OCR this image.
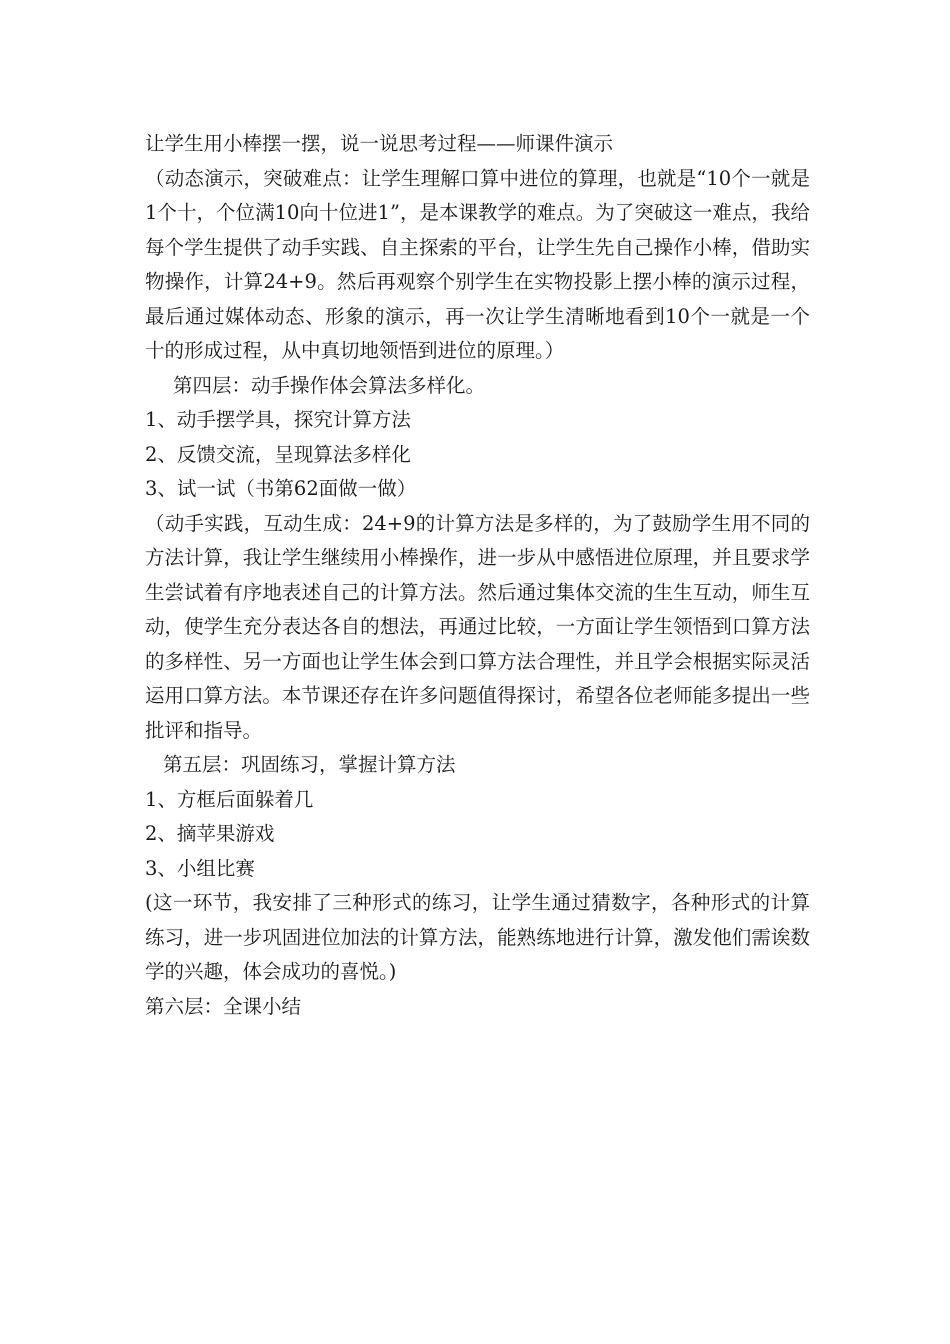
让学生用小棒摆一摆，说一说思考过程——师课件演示

（动态演示，突破难点：让学生理解口算中进位的算理，也就是“10个一就是1个十，个位满10向十位进1”，是本课教学的难点。为了突破这一难点，我给每个学生提供了动手实践、自主探索的平台，让学生先自己操作小棒，借助实物操作，计算24+9。然后再观察个别学生在实物投影上摆小棒的演示过程，最后通过媒体动态、形象的演示，再一次让学生清晰地看到10个一就是一个十的形成过程，从中真切地领悟到进位的原理。）

第四层：动手操作体会算法多样化。

1、动手摆学具，探究计算方法

2、反馈交流，呈现算法多样化

3、试一试（书第62面做一做）

（动手实践，互动生成：24+9的计算方法是多样的，为了鼓励学生用不同的方法计算，我让学生继续用小棒操作，进一步从中感悟进位原理，并且要求学生尝试着有序地表述自己的计算方法。然后通过集体交流的生生互动，师生互动，使学生充分表达各自的想法，再通过比较，一方面让学生领悟到口算方法的多样性、另一方面也让学生体会到口算方法合理性，并且学会根据实际灵活运用口算方法。本节课还存在许多问题值得探讨，希望各位老师能多提出一些批评和指导。

第五层：巩固练习，掌握计算方法

1、方框后面躲着几

2、摘苹果游戏

3、小组比赛

(这一环节，我安排了三种形式的练习，让学生通过猜数字，各种形式的计算练习，进一步巩固进位加法的计算方法，能熟练地进行计算，激发他们需诶数学的兴趣，体会成功的喜悦。)

第六层：全课小结
